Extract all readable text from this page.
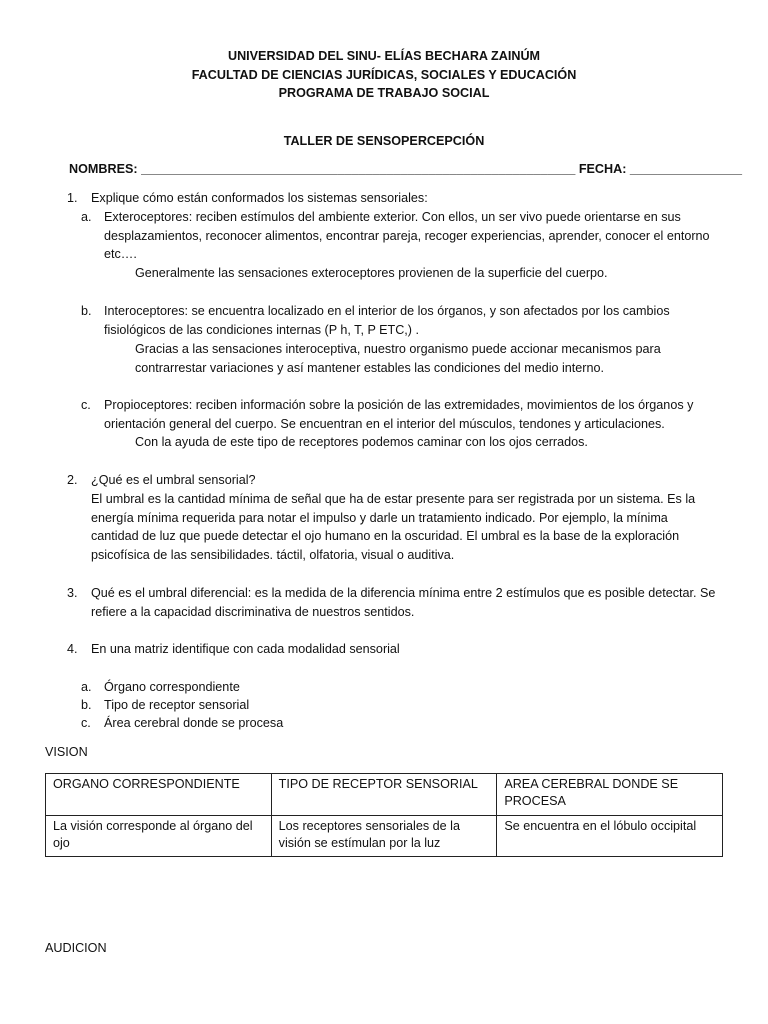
UNIVERSIDAD DEL SINU- ELÍAS BECHARA ZAINÚM
FACULTAD DE CIENCIAS JURÍDICAS, SOCIALES Y EDUCACIÓN
PROGRAMA DE TRABAJO SOCIAL
TALLER DE SENSOPERCEPCIÓN
NOMBRES: ______________________________________________________________ FECHA: ________________
1. Explique cómo están conformados los sistemas sensoriales:
a. Exteroceptores: reciben estímulos del ambiente exterior. Con ellos, un ser vivo puede orientarse en sus
desplazamientos, reconocer alimentos, encontrar pareja, recoger experiencias, aprender, conocer el entorno
etc….
Generalmente las sensaciones exteroceptores provienen de la superficie del cuerpo.
b. Interoceptores: se encuentra localizado en el interior de los órganos, y son afectados por los cambios
fisiológicos de las condiciones internas (P h, T, P ETC,) .
Gracias a las sensaciones interoceptiva, nuestro organismo puede accionar mecanismos para
contrarrestar variaciones y así mantener estables las condiciones del medio interno.
c. Propioceptores: reciben información sobre la posición de las extremidades, movimientos de los órganos y
orientación general del cuerpo. Se encuentran en el interior del músculos, tendones y articulaciones.
Con la ayuda de este tipo de receptores podemos caminar con los ojos cerrados.
2. ¿Qué es el umbral sensorial?
El umbral es la cantidad mínima de señal que ha de estar presente para ser registrada por un sistema. Es la
energía mínima requerida para notar el impulso y darle un tratamiento indicado. Por ejemplo, la mínima
cantidad de luz que puede detectar el ojo humano en la oscuridad. El umbral es la base de la exploración
psicofísica de las sensibilidades. táctil, olfatoria, visual o auditiva.
3. Qué es el umbral diferencial: es la medida de la diferencia mínima entre 2 estímulos que es posible detectar. Se
refiere a la capacidad discriminativa de nuestros sentidos.
4. En una matriz identifique con cada modalidad sensorial
a. Órgano correspondiente
b. Tipo de receptor sensorial
c. Área cerebral donde se procesa
VISION
ORGANO CORRESPONDIENTE	TIPO DE RECEPTOR SENSORIAL	AREA CEREBRAL DONDE SE PROCESA
La visión corresponde al órgano del ojo	Los receptores sensoriales de la visión se estímulan por la luz	Se encuentra en el lóbulo occipital
AUDICION
